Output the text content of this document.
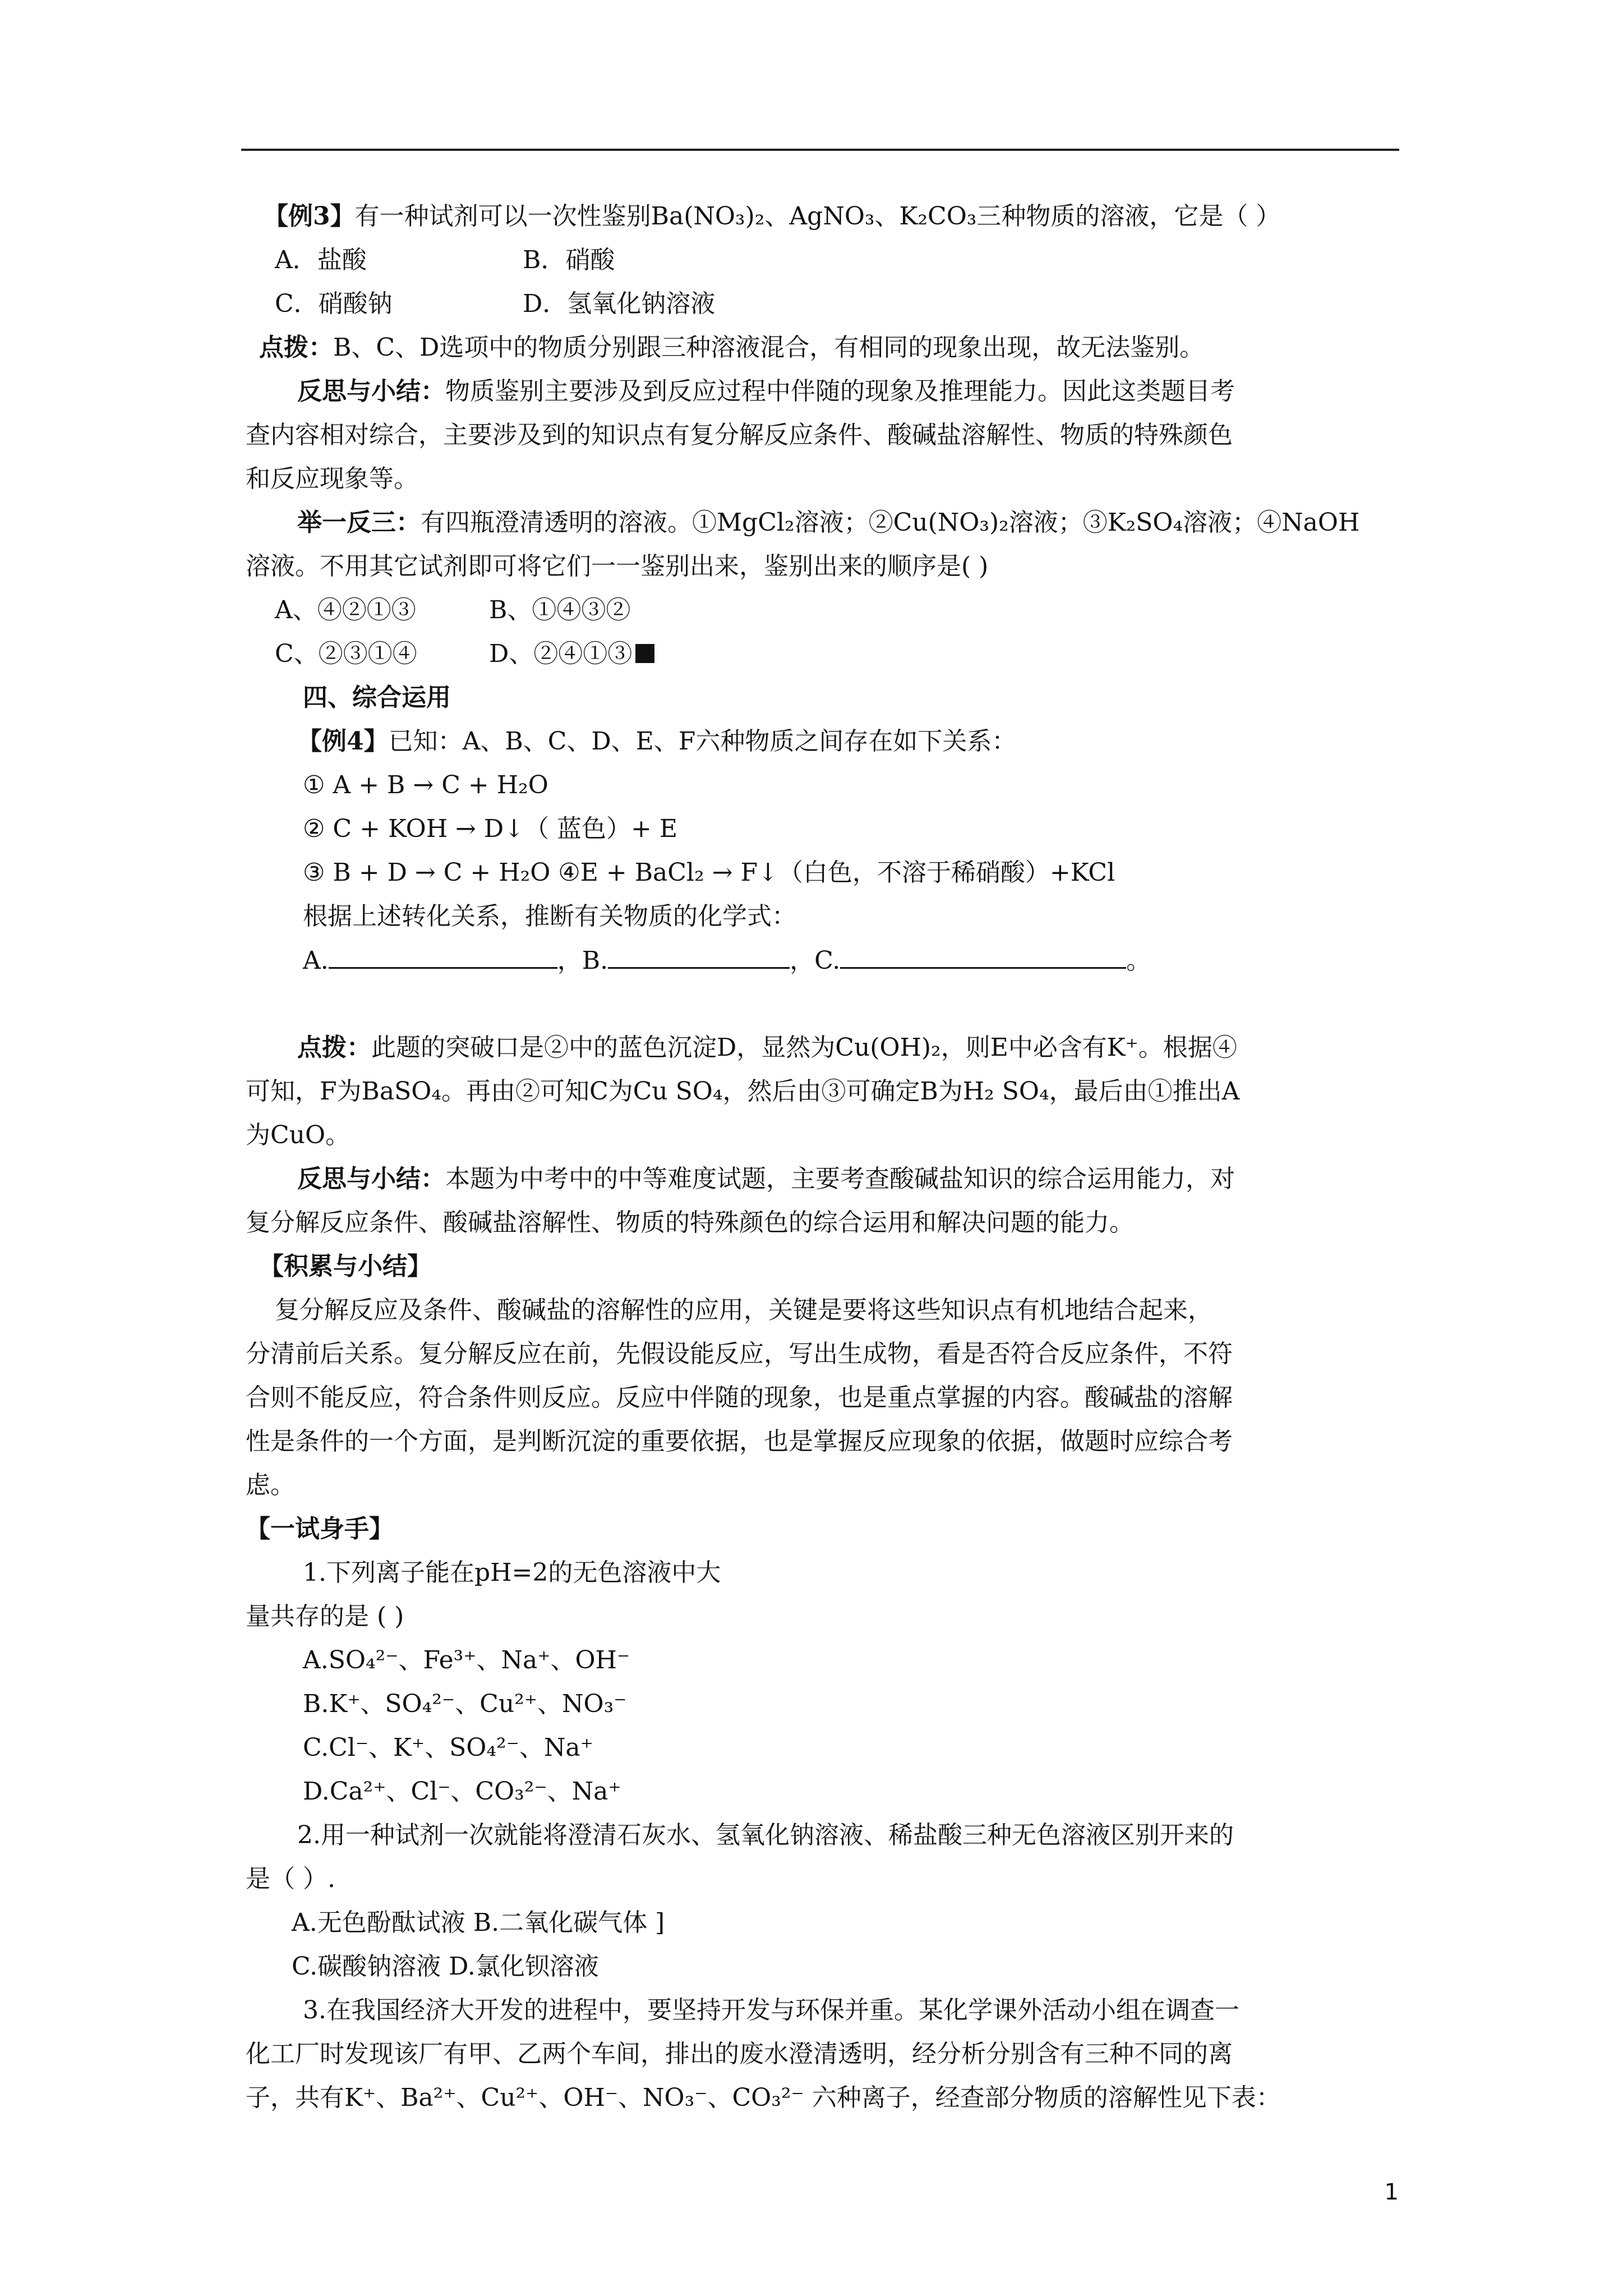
【例3】有一种试剂可以一次性鉴别Ba(NO₃)₂、AgNO₃、K₂CO₃三种物质的溶液，它是（ ）
A．盐酸	B．硝酸
C．硝酸钠	D．氢氧化钠溶液
点拨：B、C、D选项中的物质分别跟三种溶液混合，有相同的现象出现，故无法鉴别。
反思与小结：物质鉴别主要涉及到反应过程中伴随的现象及推理能力。因此这类题目考
查内容相对综合，主要涉及到的知识点有复分解反应条件、酸碱盐溶解性、物质的特殊颜色
和反应现象等。
举一反三：有四瓶澄清透明的溶液。①MgCl₂溶液；②Cu(NO₃)₂溶液；③K₂SO₄溶液；④NaOH
溶液。不用其它试剂即可将它们一一鉴别出来，鉴别出来的顺序是( )
A、④②①③	B、①④③②
C、②③①④	D、②④①③
四、综合运用
【例4】已知：A、B、C、D、E、F六种物质之间存在如下关系：
① A + B → C + H₂O
② C + KOH → D↓（ 蓝色）+ E
③ B + D → C + H₂O ④E + BaCl₂ → F↓（白色，不溶于稀硝酸）+KCl
根据上述转化关系，推断有关物质的化学式：
A.	，B.	，C.	。
点拨：此题的突破口是②中的蓝色沉淀D，显然为Cu(OH)₂，则E中必含有K⁺。根据④
可知，F为BaSO₄。再由②可知C为Cu SO₄，然后由③可确定B为H₂ SO₄，最后由①推出A
为CuO。
反思与小结：本题为中考中的中等难度试题，主要考查酸碱盐知识的综合运用能力，对
复分解反应条件、酸碱盐溶解性、物质的特殊颜色的综合运用和解决问题的能力。
【积累与小结】
复分解反应及条件、酸碱盐的溶解性的应用，关键是要将这些知识点有机地结合起来，
分清前后关系。复分解反应在前，先假设能反应，写出生成物，看是否符合反应条件，不符
合则不能反应，符合条件则反应。反应中伴随的现象，也是重点掌握的内容。酸碱盐的溶解
性是条件的一个方面，是判断沉淀的重要依据，也是掌握反应现象的依据，做题时应综合考
虑。
【一试身手】
1.下列离子能在pH=2的无色溶液中大
量共存的是 ( )
A.SO₄²⁻、Fe³⁺、Na⁺、OH⁻
B.K⁺、SO₄²⁻、Cu²⁺、NO₃⁻
C.Cl⁻、K⁺、SO₄²⁻、Na⁺
D.Ca²⁺、Cl⁻、CO₃²⁻、Na⁺
2.用一种试剂一次就能将澄清石灰水、氢氧化钠溶液、稀盐酸三种无色溶液区别开来的
是（ ）.
A.无色酚酞试液 B.二氧化碳气体 ]
C.碳酸钠溶液 D.氯化钡溶液
3.在我国经济大开发的进程中，要坚持开发与环保并重。某化学课外活动小组在调查一
化工厂时发现该厂有甲、乙两个车间，排出的废水澄清透明，经分析分别含有三种不同的离
子，共有K⁺、Ba²⁺、Cu²⁺、OH⁻、NO₃⁻、CO₃²⁻ 六种离子，经查部分物质的溶解性见下表：
1
